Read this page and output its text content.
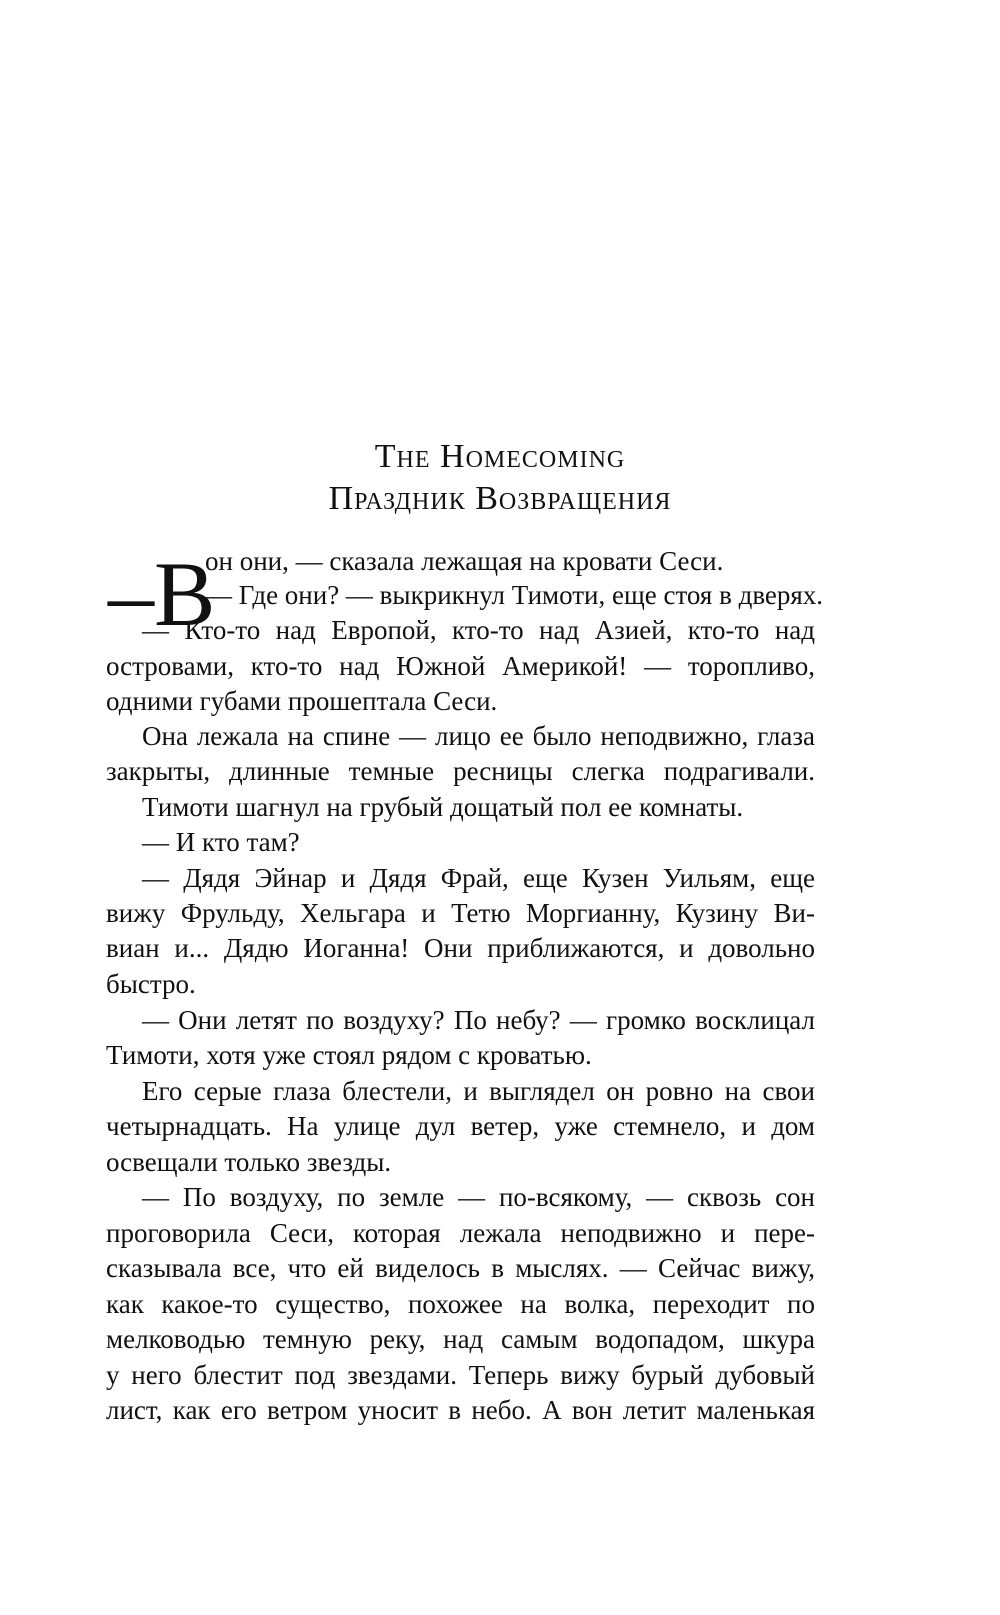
The Homecoming
Праздник Возвращения
–В
он они, — сказала лежащая на кровати Сеси.
— Где они? — выкрикнул Тимоти, еще стоя в дверях.
— Кто-то над Европой, кто-то над Азией, кто-то над
островами, кто-то над Южной Америкой! — торопливо,
одними губами прошептала Сеси.
Она лежала на спине — лицо ее было неподвижно, глаза
закрыты, длинные темные ресницы слегка подрагивали.
Тимоти шагнул на грубый дощатый пол ее комнаты.
— И кто там?
— Дядя Эйнар и Дядя Фрай, еще Кузен Уильям, еще
вижу Фрульду, Хельгара и Тетю Моргианну, Кузину Ви-
виан и... Дядю Иоганна! Они приближаются, и довольно
быстро.
— Они летят по воздуху? По небу? — громко восклицал
Тимоти, хотя уже стоял рядом с кроватью.
Его серые глаза блестели, и выглядел он ровно на свои
четырнадцать. На улице дул ветер, уже стемнело, и дом
освещали только звезды.
— По воздуху, по земле — по-всякому, — сквозь сон
проговорила Сеси, которая лежала неподвижно и пере-
сказывала все, что ей виделось в мыслях. — Сейчас вижу,
как какое-то существо, похожее на волка, переходит по
мелководью темную реку, над самым водопадом, шкура
у него блестит под звездами. Теперь вижу бурый дубовый
лист, как его ветром уносит в небо. А вон летит маленькая
